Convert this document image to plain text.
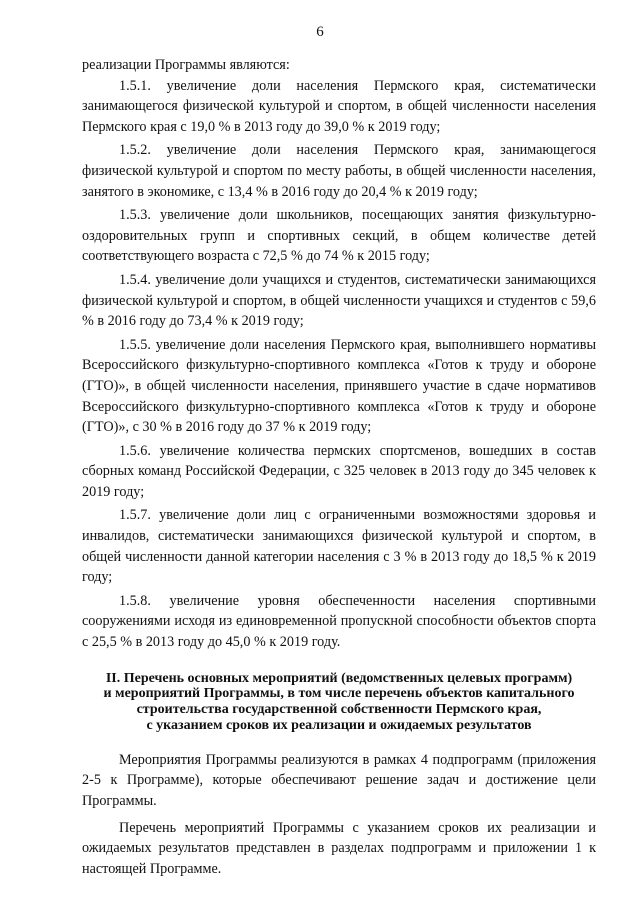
6

реализации Программы являются:

1.5.1. увеличение доли населения Пермского края, систематически занимающегося физической культурой и спортом, в общей численности населения Пермского края с 19,0 % в 2013 году до 39,0 % к 2019 году;

1.5.2. увеличение доли населения Пермского края, занимающегося физической культурой и спортом по месту работы, в общей численности населения, занятого в экономике, с 13,4 % в 2016 году до 20,4 % к 2019 году;

1.5.3. увеличение доли школьников, посещающих занятия физкультурно-оздоровительных групп и спортивных секций, в общем количестве детей соответствующего возраста с 72,5 % до 74 % к 2015 году;

1.5.4. увеличение доли учащихся и студентов, систематически занимающихся физической культурой и спортом, в общей численности учащихся и студентов с 59,6 % в 2016 году до 73,4 % к 2019 году;

1.5.5. увеличение доли населения Пермского края, выполнившего нормативы Всероссийского физкультурно-спортивного комплекса «Готов к труду и обороне (ГТО)», в общей численности населения, принявшего участие в сдаче нормативов Всероссийского физкультурно-спортивного комплекса «Готов к труду и обороне (ГТО)», с 30 % в 2016 году до 37 % к 2019 году;

1.5.6. увеличение количества пермских спортсменов, вошедших в состав сборных команд Российской Федерации, с 325 человек в 2013 году до 345 человек к 2019 году;

1.5.7. увеличение доли лиц с ограниченными возможностями здоровья и инвалидов, систематически занимающихся физической культурой и спортом, в общей численности данной категории населения с 3 % в 2013 году до 18,5 % к 2019 году;

1.5.8. увеличение уровня обеспеченности населения спортивными сооружениями исходя из единовременной пропускной способности объектов спорта с 25,5 % в 2013 году до 45,0 % к 2019 году.

II. Перечень основных мероприятий (ведомственных целевых программ)
и мероприятий Программы, в том числе перечень объектов капитального
строительства государственной собственности Пермского края,
с указанием сроков их реализации и ожидаемых результатов

Мероприятия Программы реализуются в рамках 4 подпрограмм (приложения 2-5 к Программе), которые обеспечивают решение задач и достижение цели Программы.

Перечень мероприятий Программы с указанием сроков их реализации и ожидаемых результатов представлен в разделах подпрограмм и приложении 1 к настоящей Программе.
